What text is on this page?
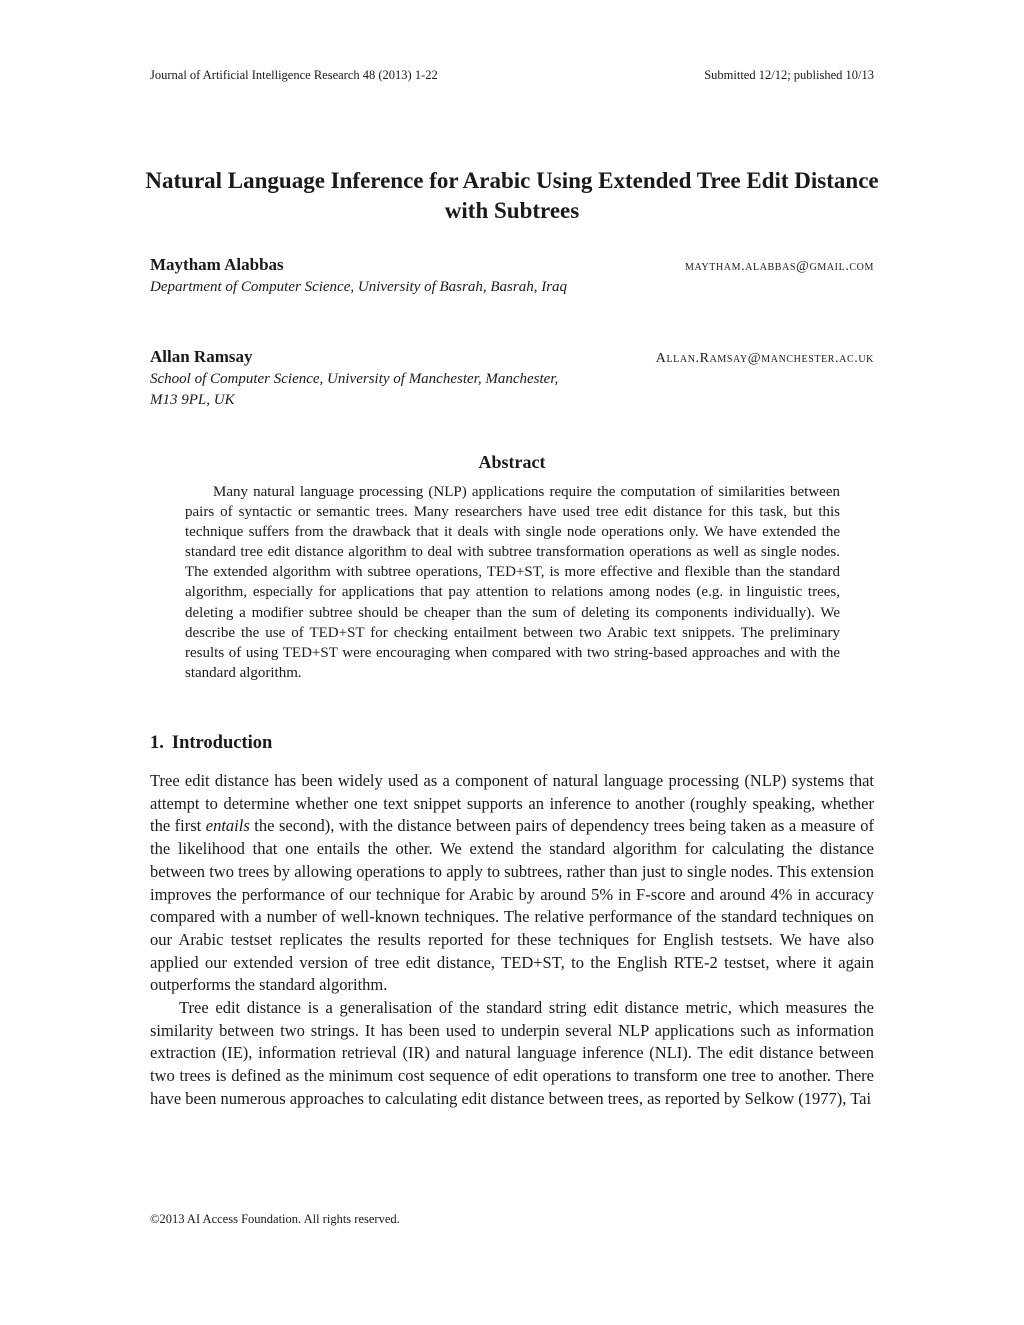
Journal of Artificial Intelligence Research 48 (2013) 1-22	Submitted 12/12; published 10/13
Natural Language Inference for Arabic Using Extended Tree Edit Distance with Subtrees
Maytham Alabbas	maytham.alabbas@gmail.com
Department of Computer Science, University of Basrah, Basrah, Iraq
Allan Ramsay	Allan.Ramsay@manchester.ac.uk
School of Computer Science, University of Manchester, Manchester, M13 9PL, UK
Abstract
Many natural language processing (NLP) applications require the computation of similarities between pairs of syntactic or semantic trees. Many researchers have used tree edit distance for this task, but this technique suffers from the drawback that it deals with single node operations only. We have extended the standard tree edit distance algorithm to deal with subtree transformation operations as well as single nodes. The extended algorithm with subtree operations, TED+ST, is more effective and flexible than the standard algorithm, especially for applications that pay attention to relations among nodes (e.g. in linguistic trees, deleting a modifier subtree should be cheaper than the sum of deleting its components individually). We describe the use of TED+ST for checking entailment between two Arabic text snippets. The preliminary results of using TED+ST were encouraging when compared with two string-based approaches and with the standard algorithm.
1. Introduction

Tree edit distance has been widely used as a component of natural language processing (NLP) systems that attempt to determine whether one text snippet supports an inference to another (roughly speaking, whether the first entails the second), with the distance between pairs of dependency trees being taken as a measure of the likelihood that one entails the other. We extend the standard algorithm for calculating the distance between two trees by allowing operations to apply to subtrees, rather than just to single nodes. This extension improves the performance of our technique for Arabic by around 5% in F-score and around 4% in accuracy compared with a number of well-known techniques. The relative performance of the standard techniques on our Arabic testset replicates the results reported for these techniques for English testsets. We have also applied our extended version of tree edit distance, TED+ST, to the English RTE-2 testset, where it again outperforms the standard algorithm.

Tree edit distance is a generalisation of the standard string edit distance metric, which measures the similarity between two strings. It has been used to underpin several NLP applications such as information extraction (IE), information retrieval (IR) and natural language inference (NLI). The edit distance between two trees is defined as the minimum cost sequence of edit operations to transform one tree to another. There have been numerous approaches to calculating edit distance between trees, as reported by Selkow (1977), Tai

©2013 AI Access Foundation. All rights reserved.
